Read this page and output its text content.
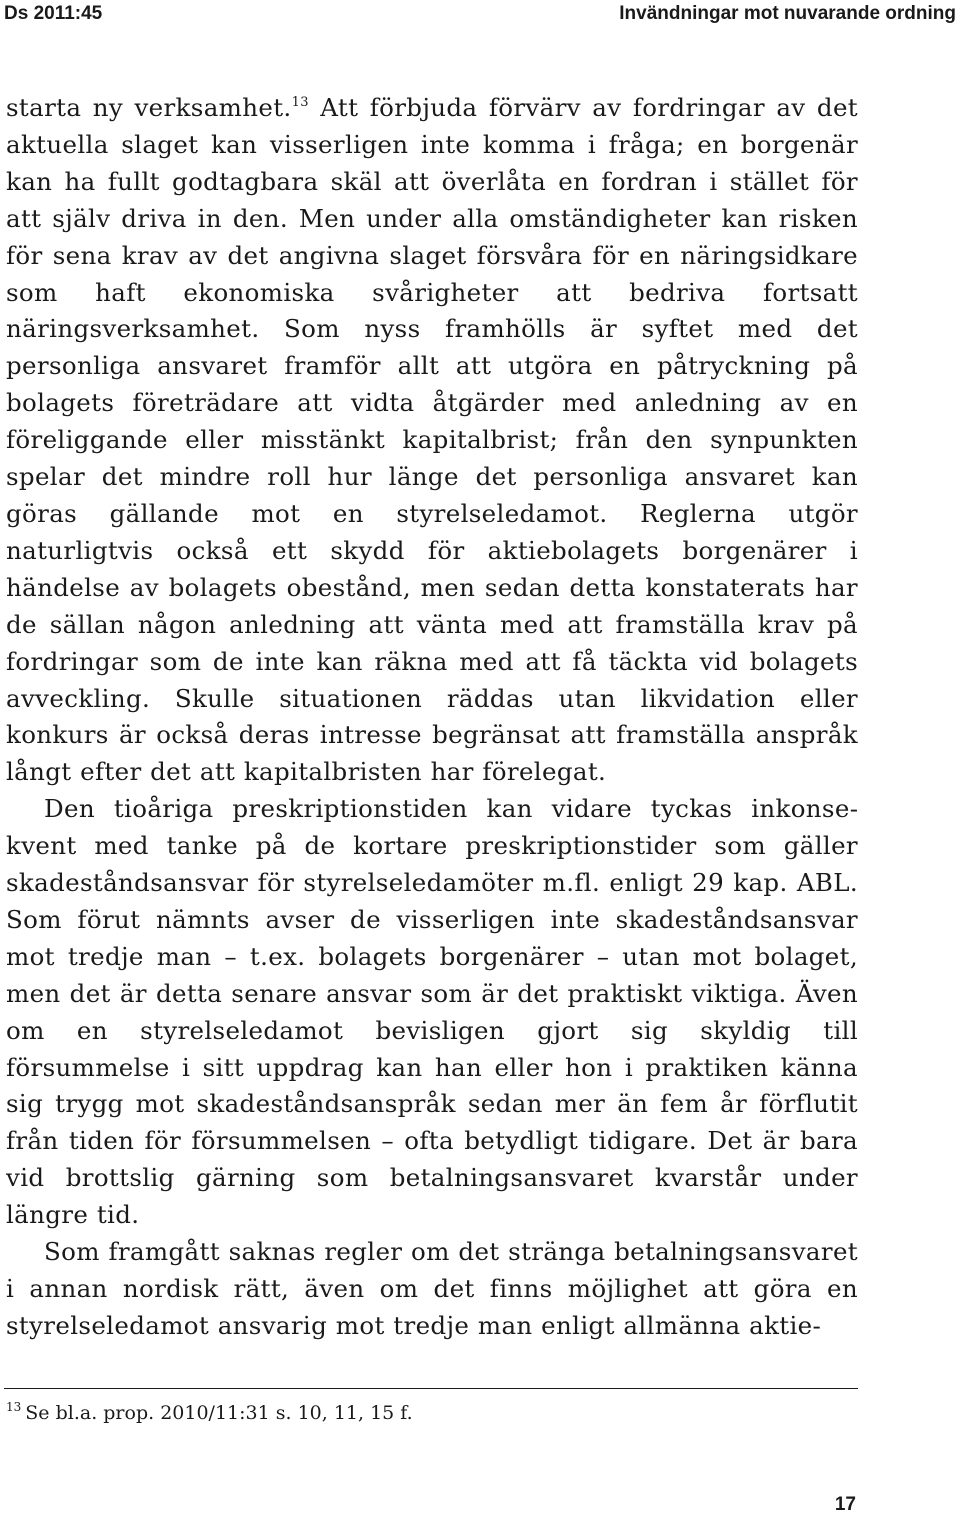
Ds 2011:45	Invändningar mot nuvarande ordning

starta ny verksamhet.$^{13}$ Att förbjuda förvärv av fordringar av det aktuella slaget kan visserligen inte komma i fråga; en borgenär kan ha fullt godtagbara skäl att överlåta en fordran i stället för att själv driva in den. Men under alla omständigheter kan risken för sena krav av det angivna slaget försvåra för en näringsidkare som haft ekonomiska svårigheter att bedriva fortsatt näringsverksamhet. Som nyss framhölls är syftet med det personliga ansvaret framför allt att utgöra en påtryckning på bolagets företrädare att vidta åtgärder med anledning av en föreliggande eller misstänkt kapitalbrist; från den synpunkten spelar det mindre roll hur länge det personliga ansvaret kan göras gällande mot en styrelseledamot. Reglerna utgör naturligtvis också ett skydd för aktiebolagets borgenärer i händelse av bolagets obestånd, men sedan detta konstaterats har de sällan någon anledning att vänta med att framställa krav på fordringar som de inte kan räkna med att få täckta vid bolagets avveckling. Skulle situationen räddas utan likvidation eller konkurs är också deras intresse begränsat att framställa anspråk långt efter det att kapitalbristen har förelegat.

Den tioåriga preskriptionstiden kan vidare tyckas inkonsekvent med tanke på de kortare preskriptionstider som gäller skadeståndsansvar för styrelseledamöter m.fl. enligt 29 kap. ABL. Som förut nämnts avser de visserligen inte skadeståndsansvar mot tredje man – t.ex. bolagets borgenärer – utan mot bolaget, men det är detta senare ansvar som är det praktiskt viktiga. Även om en styrelseledamot bevisligen gjort sig skyldig till försummelse i sitt uppdrag kan han eller hon i praktiken känna sig trygg mot skadeståndsanspråk sedan mer än fem år förflutit från tiden för försummelsen – ofta betydligt tidigare. Det är bara vid brottslig gärning som betalningsansvaret kvarstår under längre tid.

Som framgått saknas regler om det stränga betalningsansvaret i annan nordisk rätt, även om det finns möjlighet att göra en styrelseledamot ansvarig mot tredje man enligt allmänna aktie-

$^{13}$ Se bl.a. prop. 2010/11:31 s. 10, 11, 15 f.
17
